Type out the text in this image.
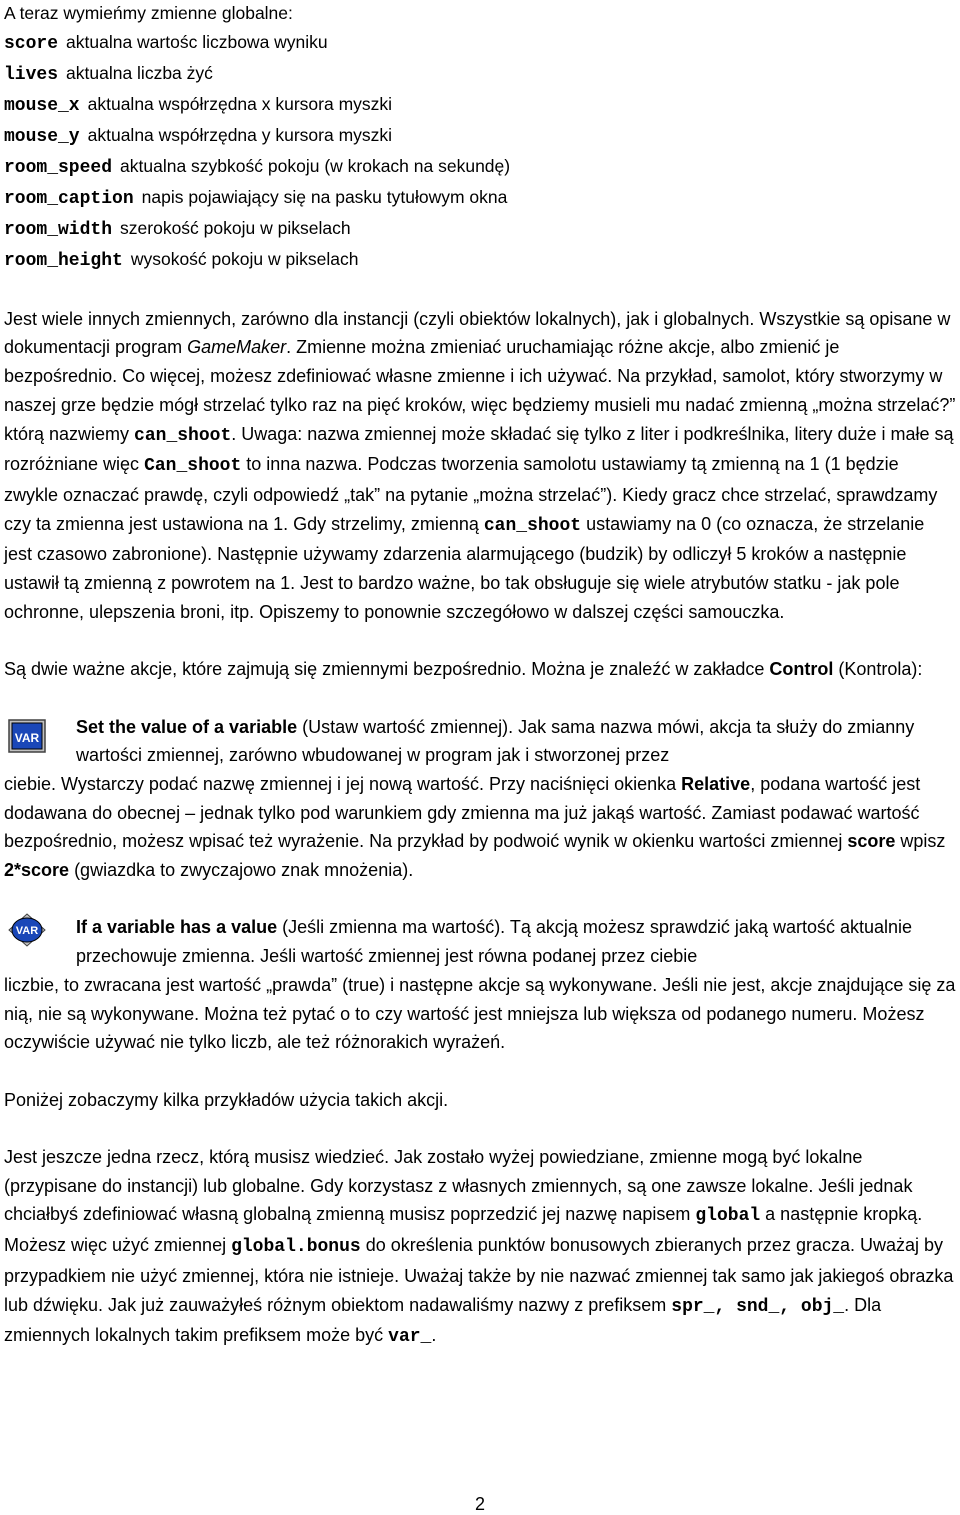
A teraz wymieńmy zmienne globalne:
score aktualna wartośc liczbowa wyniku
lives aktualna liczba żyć
mouse_x aktualna współrzędna x kursora myszki
mouse_y aktualna współrzędna y kursora myszki
room_speed aktualna szybkość pokoju (w krokach na sekundę)
room_caption napis pojawiający się na pasku tytułowym okna
room_width szerokość pokoju w pikselach
room_height wysokość pokoju w pikselach

Jest wiele innych zmiennych, zarówno dla instancji (czyli obiektów lokalnych), jak i globalnych. Wszystkie są opisane w dokumentacji program GameMaker. Zmienne można zmieniać uruchamiając różne akcje, albo zmienić je bezpośrednio. Co więcej, możesz zdefiniować własne zmienne i ich używać. Na przykład, samolot, który stworzymy w naszej grze będzie mógł strzelać tylko raz na pięć kroków, więc będziemy musieli mu nadać zmienną „można strzelać?” którą nazwiemy can_shoot. Uwaga: nazwa zmiennej może składać się tylko z liter i podkreślnika, litery duże i małe są rozróżniane więc Can_shoot to inna nazwa. Podczas tworzenia samolotu ustawiamy tą zmienną na 1 (1 będzie zwykle oznaczać prawdę, czyli odpowiedź „tak” na pytanie „można strzelać”). Kiedy gracz chce strzelać, sprawdzamy czy ta zmienna jest ustawiona na 1. Gdy strzelimy, zmienną can_shoot ustawiamy na 0 (co oznacza, że strzelanie jest czasowo zabronione). Następnie używamy zdarzenia alarmującego (budzik) by odliczył 5 kroków a następnie ustawił tą zmienną z powrotem na 1. Jest to bardzo ważne, bo tak obsługuje się wiele atrybutów statku - jak pole ochronne, ulepszenia broni, itp. Opiszemy to ponownie szczegółowo w dalszej części samouczka.

Są dwie ważne akcje, które zajmują się zmiennymi bezpośrednio. Można je znaleźć w zakładce Control (Kontrola):

VAR

Set the value of a variable (Ustaw wartość zmiennej). Jak sama nazwa mówi, akcja ta służy do zmianny wartości zmiennej, zarówno wbudowanej w program jak i stworzonej przez

ciebie. Wystarczy podać nazwę zmiennej i jej nową wartość. Przy naciśnięci okienka Relative, podana wartość jest dodawana do obecnej – jednak tylko pod warunkiem gdy zmienna ma już jakąś wartość. Zamiast podawać wartość bezpośrednio, możesz wpisać też wyrażenie. Na przykład by podwoić wynik w okienku wartości zmiennej score wpisz 2*score (gwiazdka to zwyczajowo znak mnożenia).

VAR	If a variable has a value (Jeśli zmienna ma wartość). Tą akcją możesz sprawdzić jaką wartość aktualnie przechowuje zmienna. Jeśli wartość zmiennej jest równa podanej przez ciebie

liczbie, to zwracana jest wartość „prawda” (true) i następne akcje są wykonywane. Jeśli nie jest, akcje znajdujące się za nią, nie są wykonywane. Można też pytać o to czy wartość jest mniejsza lub większa od podanego numeru. Możesz oczywiście używać nie tylko liczb, ale też różnorakich wyrażeń.

Poniżej zobaczymy kilka przykładów użycia takich akcji.

Jest jeszcze jedna rzecz, którą musisz wiedzieć. Jak zostało wyżej powiedziane, zmienne mogą być lokalne (przypisane do instancji) lub globalne. Gdy korzystasz z własnych zmiennych, są one zawsze lokalne. Jeśli jednak chciałbyś zdefiniować własną globalną zmienną musisz poprzedzić jej nazwę napisem global a następnie kropką. Możesz więc użyć zmiennej global.bonus do określenia punktów bonusowych zbieranych przez gracza. Uważaj by przypadkiem nie użyć zmiennej, która nie istnieje. Uważaj także by nie nazwać zmiennej tak samo jak jakiegoś obrazka lub dźwięku. Jak już zauważyłeś różnym obiektom nadawaliśmy nazwy z prefiksem spr_, snd_, obj_. Dla zmiennych lokalnych takim prefiksem może być var_.

2
